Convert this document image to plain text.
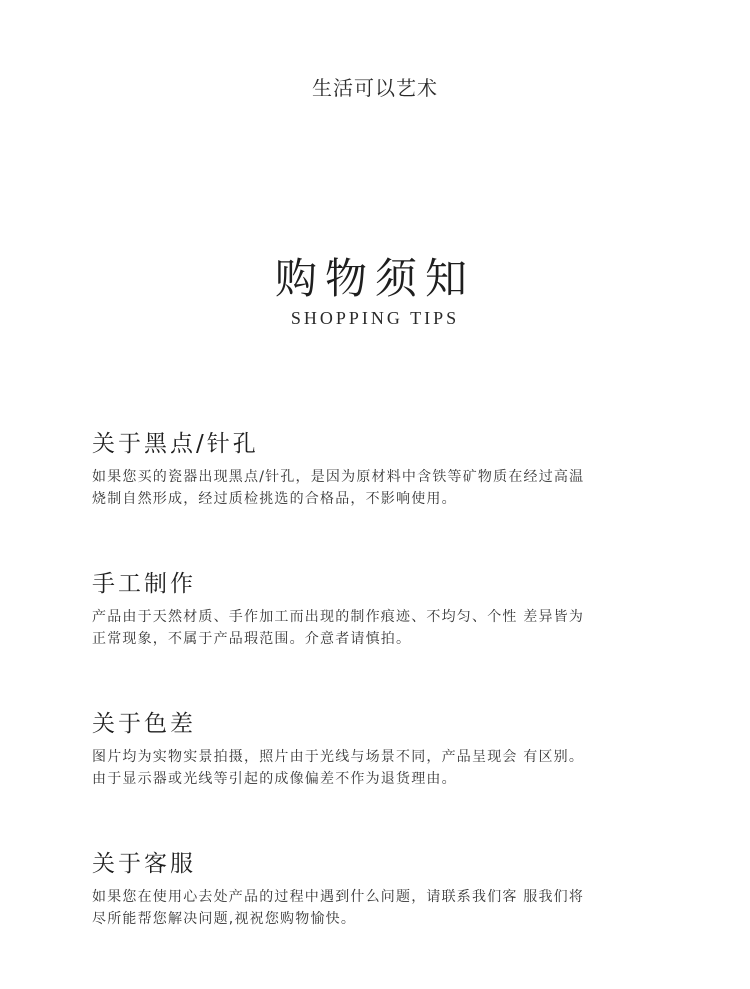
生活可以艺术
购物须知
SHOPPING TIPS
关于黑点/针孔
如果您买的瓷器出现黑点/针孔，是因为原材料中含铁等矿物质在经过高温
烧制自然形成，经过质检挑选的合格品，不影响使用。
手工制作
产品由于天然材质、手作加工而出现的制作痕迹、不均匀、个性 差异皆为
正常现象，不属于产品瑕范围。介意者请慎拍。
关于色差
图片均为实物实景拍摄，照片由于光线与场景不同，产品呈现会 有区别。
由于显示器或光线等引起的成像偏差不作为退货理由。
关于客服
如果您在使用心去处产品的过程中遇到什么问题，请联系我们客 服我们将
尽所能帮您解决问题,视祝您购物愉快。
